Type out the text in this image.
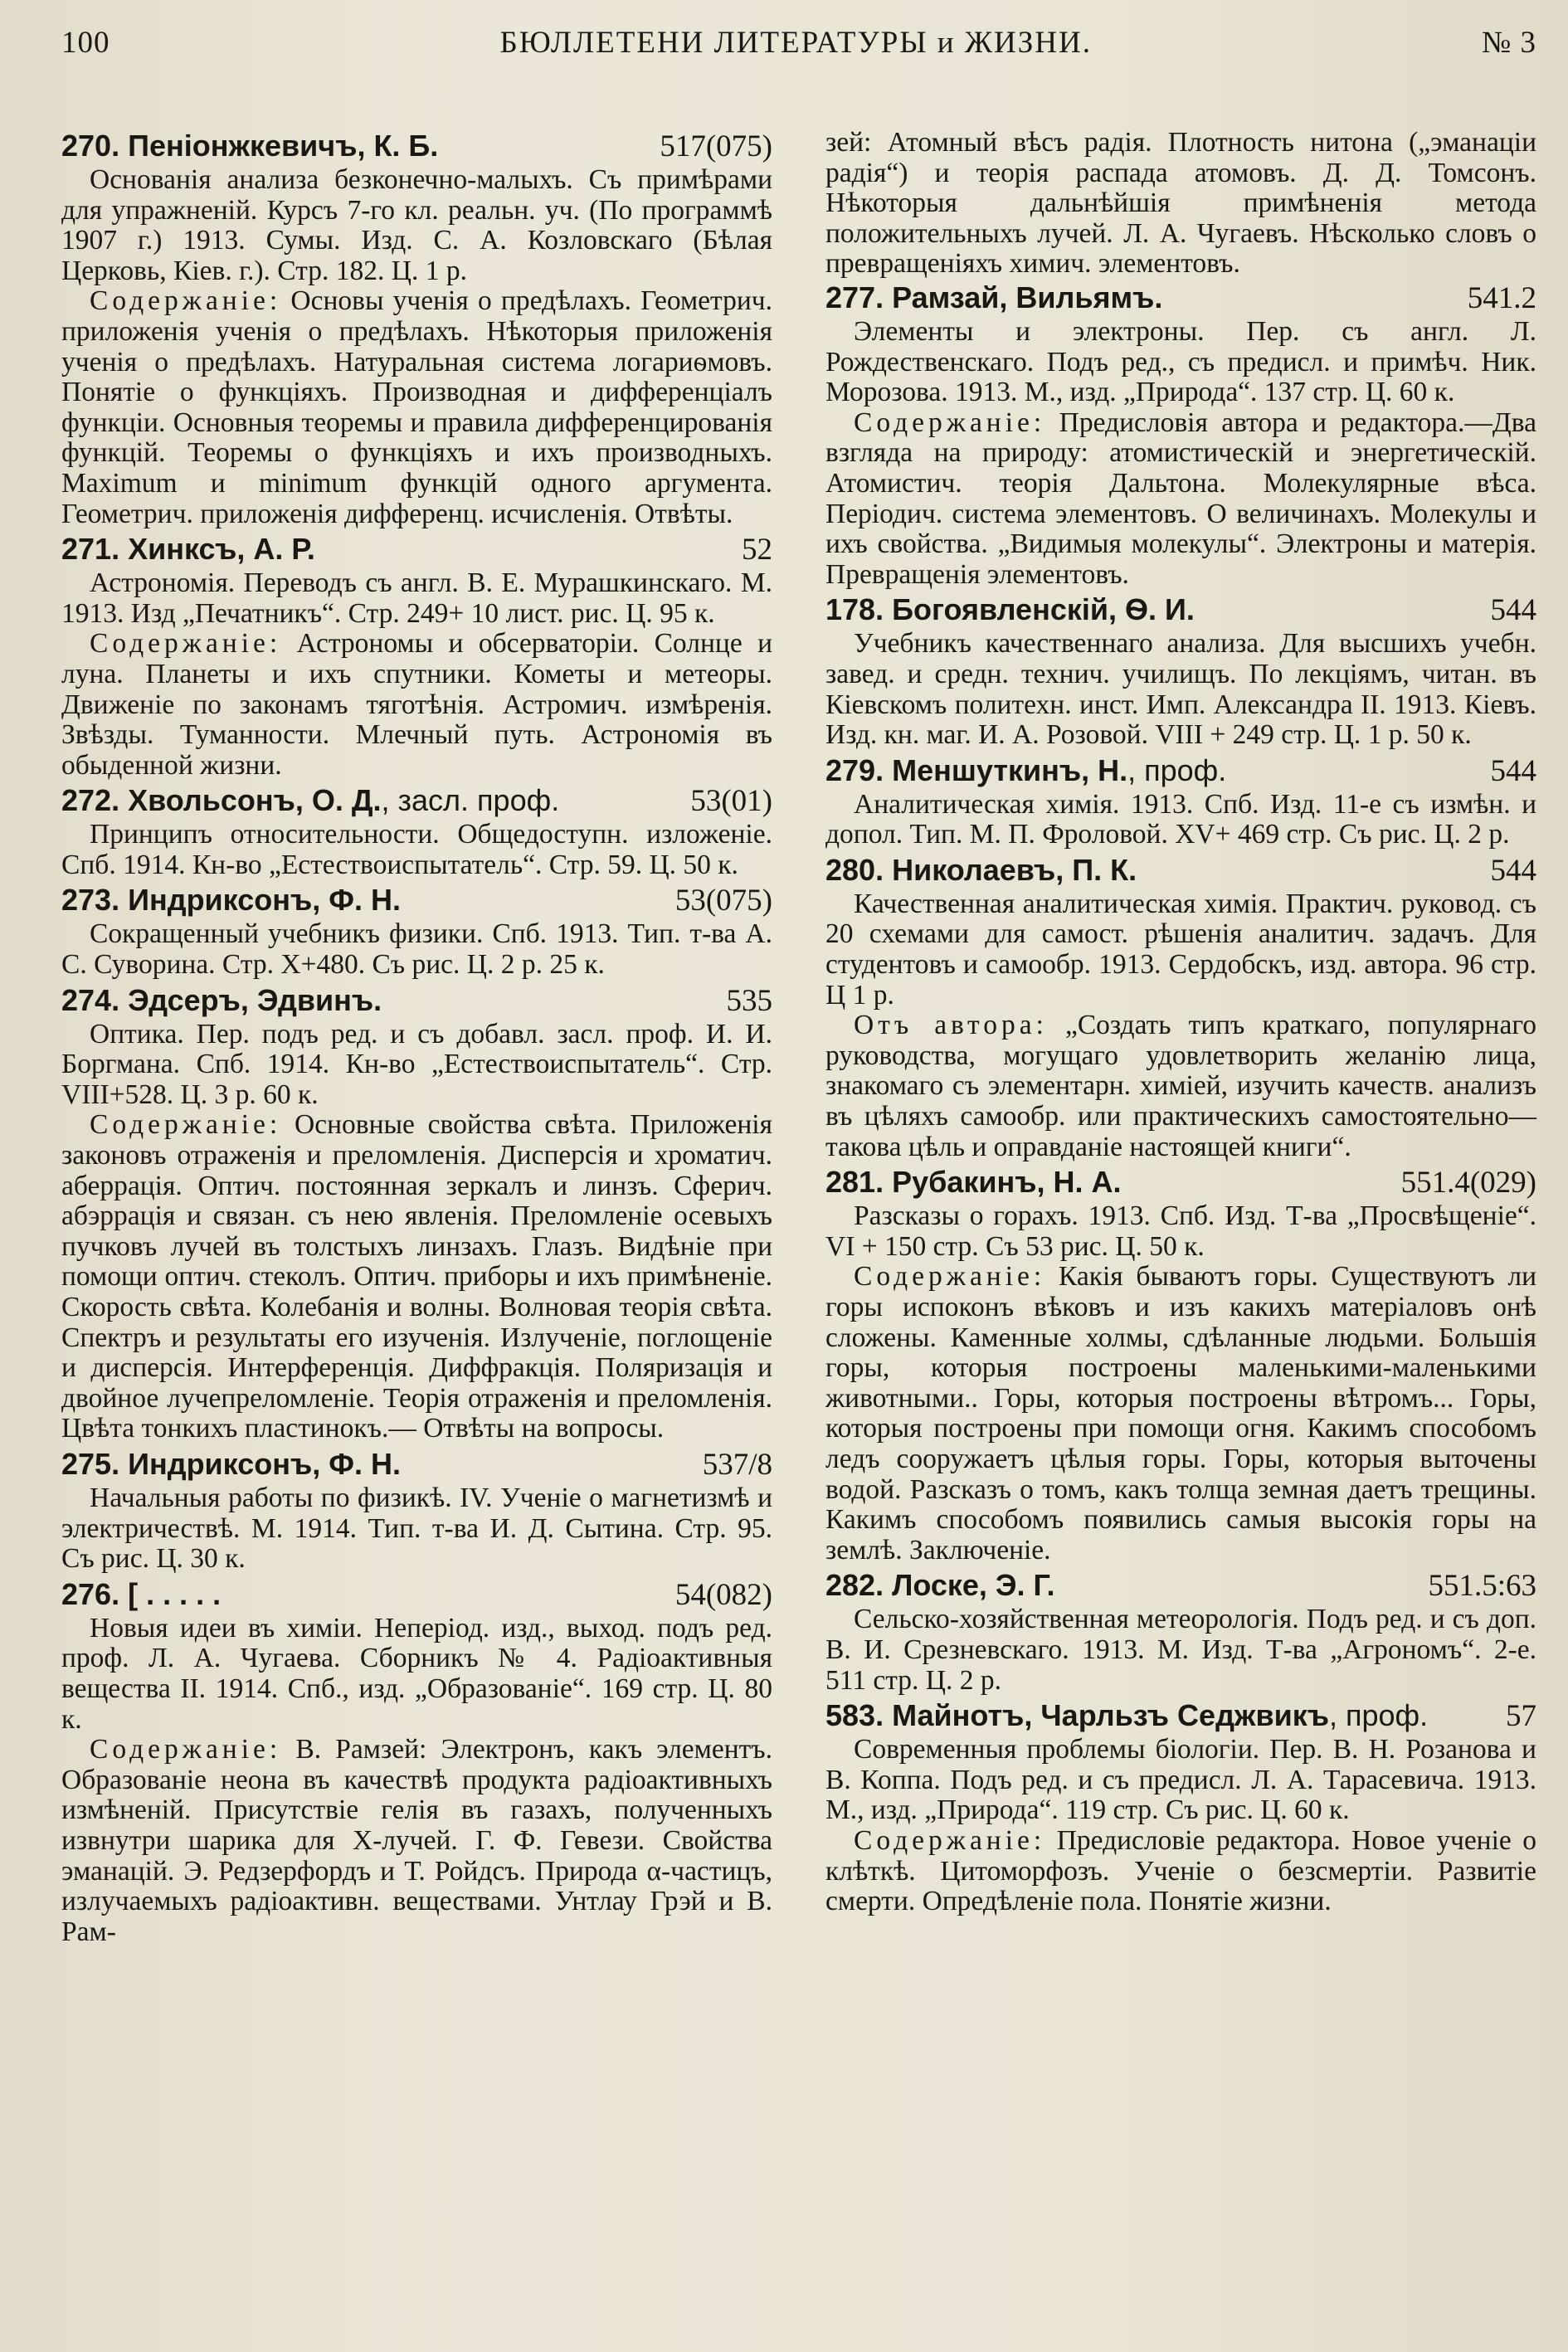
100	БЮЛЛЕТЕНИ ЛИТЕРАТУРЫ и ЖИЗНИ.	№ 3
270. Пеніонжкевичъ, К. Б.	517(075)
Основанія анализа безконечно-малыхъ. Съ примѣрами для упражненій. Курсъ 7-го кл. реальн. уч. (По программѣ 1907 г.) 1913. Сумы. Изд. С. А. Козловскаго (Бѣлая Церковь, Кіев. г.). Стр. 182. Ц. 1 р.
Содержаніе: Основы ученія о предѣлахъ. Геометрич. приложенія ученія о предѣлахъ. Нѣкоторыя приложенія ученія о предѣлахъ. Натуральная система логариѳмовъ. Понятіе о функціяхъ. Производная и дифференціалъ функціи. Основныя теоремы и правила дифференцированія функцій. Теоремы о функціяхъ и ихъ производныхъ. Maximum и minimum функцій одного аргумента. Геометрич. приложенія дифференц. исчисленія. Отвѣты.
271. Хинксъ, А. Р.	52
Астрономія. Переводъ съ англ. В. Е. Мурашкинскаго. М. 1913. Изд „Печатникъ“. Стр. 249+ 10 лист. рис. Ц. 95 к.
Содержаніе: Астрономы и обсерваторіи. Солнце и луна. Планеты и ихъ спутники. Кометы и метеоры. Движеніе по законамъ тяготѣнія. Астромич. измѣренія. Звѣзды. Туманности. Млечный путь. Астрономія въ обыденной жизни.
272. Хвольсонъ, О. Д., засл. проф.	53(01)
Принципъ относительности. Общедоступн. изложеніе. Спб. 1914. Кн-во „Естествоиспытатель“. Стр. 59. Ц. 50 к.
273. Индриксонъ, Ф. Н.	53(075)
Сокращенный учебникъ физики. Спб. 1913. Тип. т-ва А. С. Суворина. Стр. X+480. Съ рис. Ц. 2 р. 25 к.
274. Эдсеръ, Эдвинъ.	535
Оптика. Пер. подъ ред. и съ добавл. засл. проф. И. И. Боргмана. Спб. 1914. Кн-во „Естествоиспытатель“. Стр. VIII+528. Ц. 3 р. 60 к.
Содержаніе: Основные свойства свѣта. Приложенія законовъ отраженія и преломленія. Дисперсія и хроматич. аберрація. Оптич. постоянная зеркалъ и линзъ. Сферич. абэррація и связан. съ нею явленія. Преломленіе осевыхъ пучковъ лучей въ толстыхъ линзахъ. Глазъ. Видѣніе при помощи оптич. стеколъ. Оптич. приборы и ихъ примѣненіе. Скорость свѣта. Колебанія и волны. Волновая теорія свѣта. Спектръ и результаты его изученія. Излученіе, поглощеніе и дисперсія. Интерференція. Диффракція. Поляризація и двойное лучепреломленіе. Теорія отраженія и преломленія. Цвѣта тонкихъ пластинокъ.— Отвѣты на вопросы.
275. Индриксонъ, Ф. Н.	537/8
Начальныя работы по физикѣ. IV. Ученіе о магнетизмѣ и электричествѣ. М. 1914. Тип. т-ва И. Д. Сытина. Стр. 95. Съ рис. Ц. 30 к.
276. [ . . . . .	54(082)
Новыя идеи въ химіи. Неперіод. изд., выход. подъ ред. проф. Л. А. Чугаева. Сборникъ № 4. Радіоактивныя вещества II. 1914. Спб., изд. „Образованіе“. 169 стр. Ц. 80 к.
Содержаніе: В. Рамзей: Электронъ, какъ элементъ. Образованіе неона въ качествѣ продукта радіоактивныхъ измѣненій. Присутствіе гелія въ газахъ, полученныхъ извнутри шарика для Х-лучей. Г. Ф. Гевези. Свойства эманацій. Э. Редзерфордъ и Т. Ройдсъ. Природа α-частицъ, излучаемыхъ радіоактивн. веществами. Унтлау Грэй и В. Рам-
зей: Атомный вѣсъ радія. Плотность нитона („эманаціи радія“) и теорія распада атомовъ. Д. Д. Томсонъ. Нѣкоторыя дальнѣйшія примѣненія метода положительныхъ лучей. Л. А. Чугаевъ. Нѣсколько словъ о превращеніяхъ химич. элементовъ.
277. Рамзай, Вильямъ.	541.2
Элементы и электроны. Пер. съ англ. Л. Рождественскаго. Подъ ред., съ предисл. и примѣч. Ник. Морозова. 1913. М., изд. „Природа“. 137 стр. Ц. 60 к.
Содержаніе: Предисловія автора и редактора.—Два взгляда на природу: атомистическій и энергетическій. Атомистич. теорія Дальтона. Молекулярные вѣса. Періодич. система элементовъ. О величинахъ. Молекулы и ихъ свойства. „Видимыя молекулы“. Электроны и матерія. Превращенія элементовъ.
178. Богоявленскій, Ѳ. И.	544
Учебникъ качественнаго анализа. Для высшихъ учебн. завед. и средн. технич. училищъ. По лекціямъ, читан. въ Кіевскомъ политехн. инст. Имп. Александра II. 1913. Кіевъ. Изд. кн. маг. И. А. Розовой. VIII + 249 стр. Ц. 1 р. 50 к.
279. Меншуткинъ, Н., проф.	544
Аналитическая химія. 1913. Спб. Изд. 11-е съ измѣн. и допол. Тип. М. П. Фроловой. XV+ 469 стр. Съ рис. Ц. 2 р.
280. Николаевъ, П. К.	544
Качественная аналитическая химія. Практич. руковод. съ 20 схемами для самост. рѣшенія аналитич. задачъ. Для студентовъ и самообр. 1913. Сердобскъ, изд. автора. 96 стр. Ц 1 р.
Отъ автора: „Создать типъ краткаго, популярнаго руководства, могущаго удовлетворить желанію лица, знакомаго съ элементарн. химіей, изучить качеств. анализъ въ цѣляхъ самообр. или практическихъ самостоятельно—такова цѣль и оправданіе настоящей книги“.
281. Рубакинъ, Н. А.	551.4(029)
Разсказы о горахъ. 1913. Спб. Изд. Т-ва „Просвѣщеніе“. VI + 150 стр. Съ 53 рис. Ц. 50 к.
Содержаніе: Какія бываютъ горы. Существуютъ ли горы испоконъ вѣковъ и изъ какихъ матеріаловъ онѣ сложены. Каменные холмы, сдѣланные людьми. Большія горы, которыя построены маленькими-маленькими животными.. Горы, которыя построены вѣтромъ... Горы, которыя построены при помощи огня. Какимъ способомъ ледъ сооружаетъ цѣлыя горы. Горы, которыя выточены водой. Разсказъ о томъ, какъ толща земная даетъ трещины. Какимъ способомъ появились самыя высокія горы на землѣ. Заключеніе.
282. Лоске, Э. Г.	551.5:63
Сельско-хозяйственная метеорологія. Подъ ред. и съ доп. В. И. Срезневскаго. 1913. М. Изд. Т-ва „Агрономъ“. 2-е. 511 стр. Ц. 2 р.
583. Майнотъ, Чарльзъ Седжвикъ, проф.	57
Современныя проблемы біологіи. Пер. В. Н. Розанова и В. Коппа. Подъ ред. и съ предисл. Л. А. Тарасевича. 1913. М., изд. „Природа“. 119 стр. Съ рис. Ц. 60 к.
Содержаніе: Предисловіе редактора. Новое ученіе о клѣткѣ. Цитоморфозъ. Ученіе о безсмертіи. Развитіе смерти. Опредѣленіе пола. Понятіе жизни.
